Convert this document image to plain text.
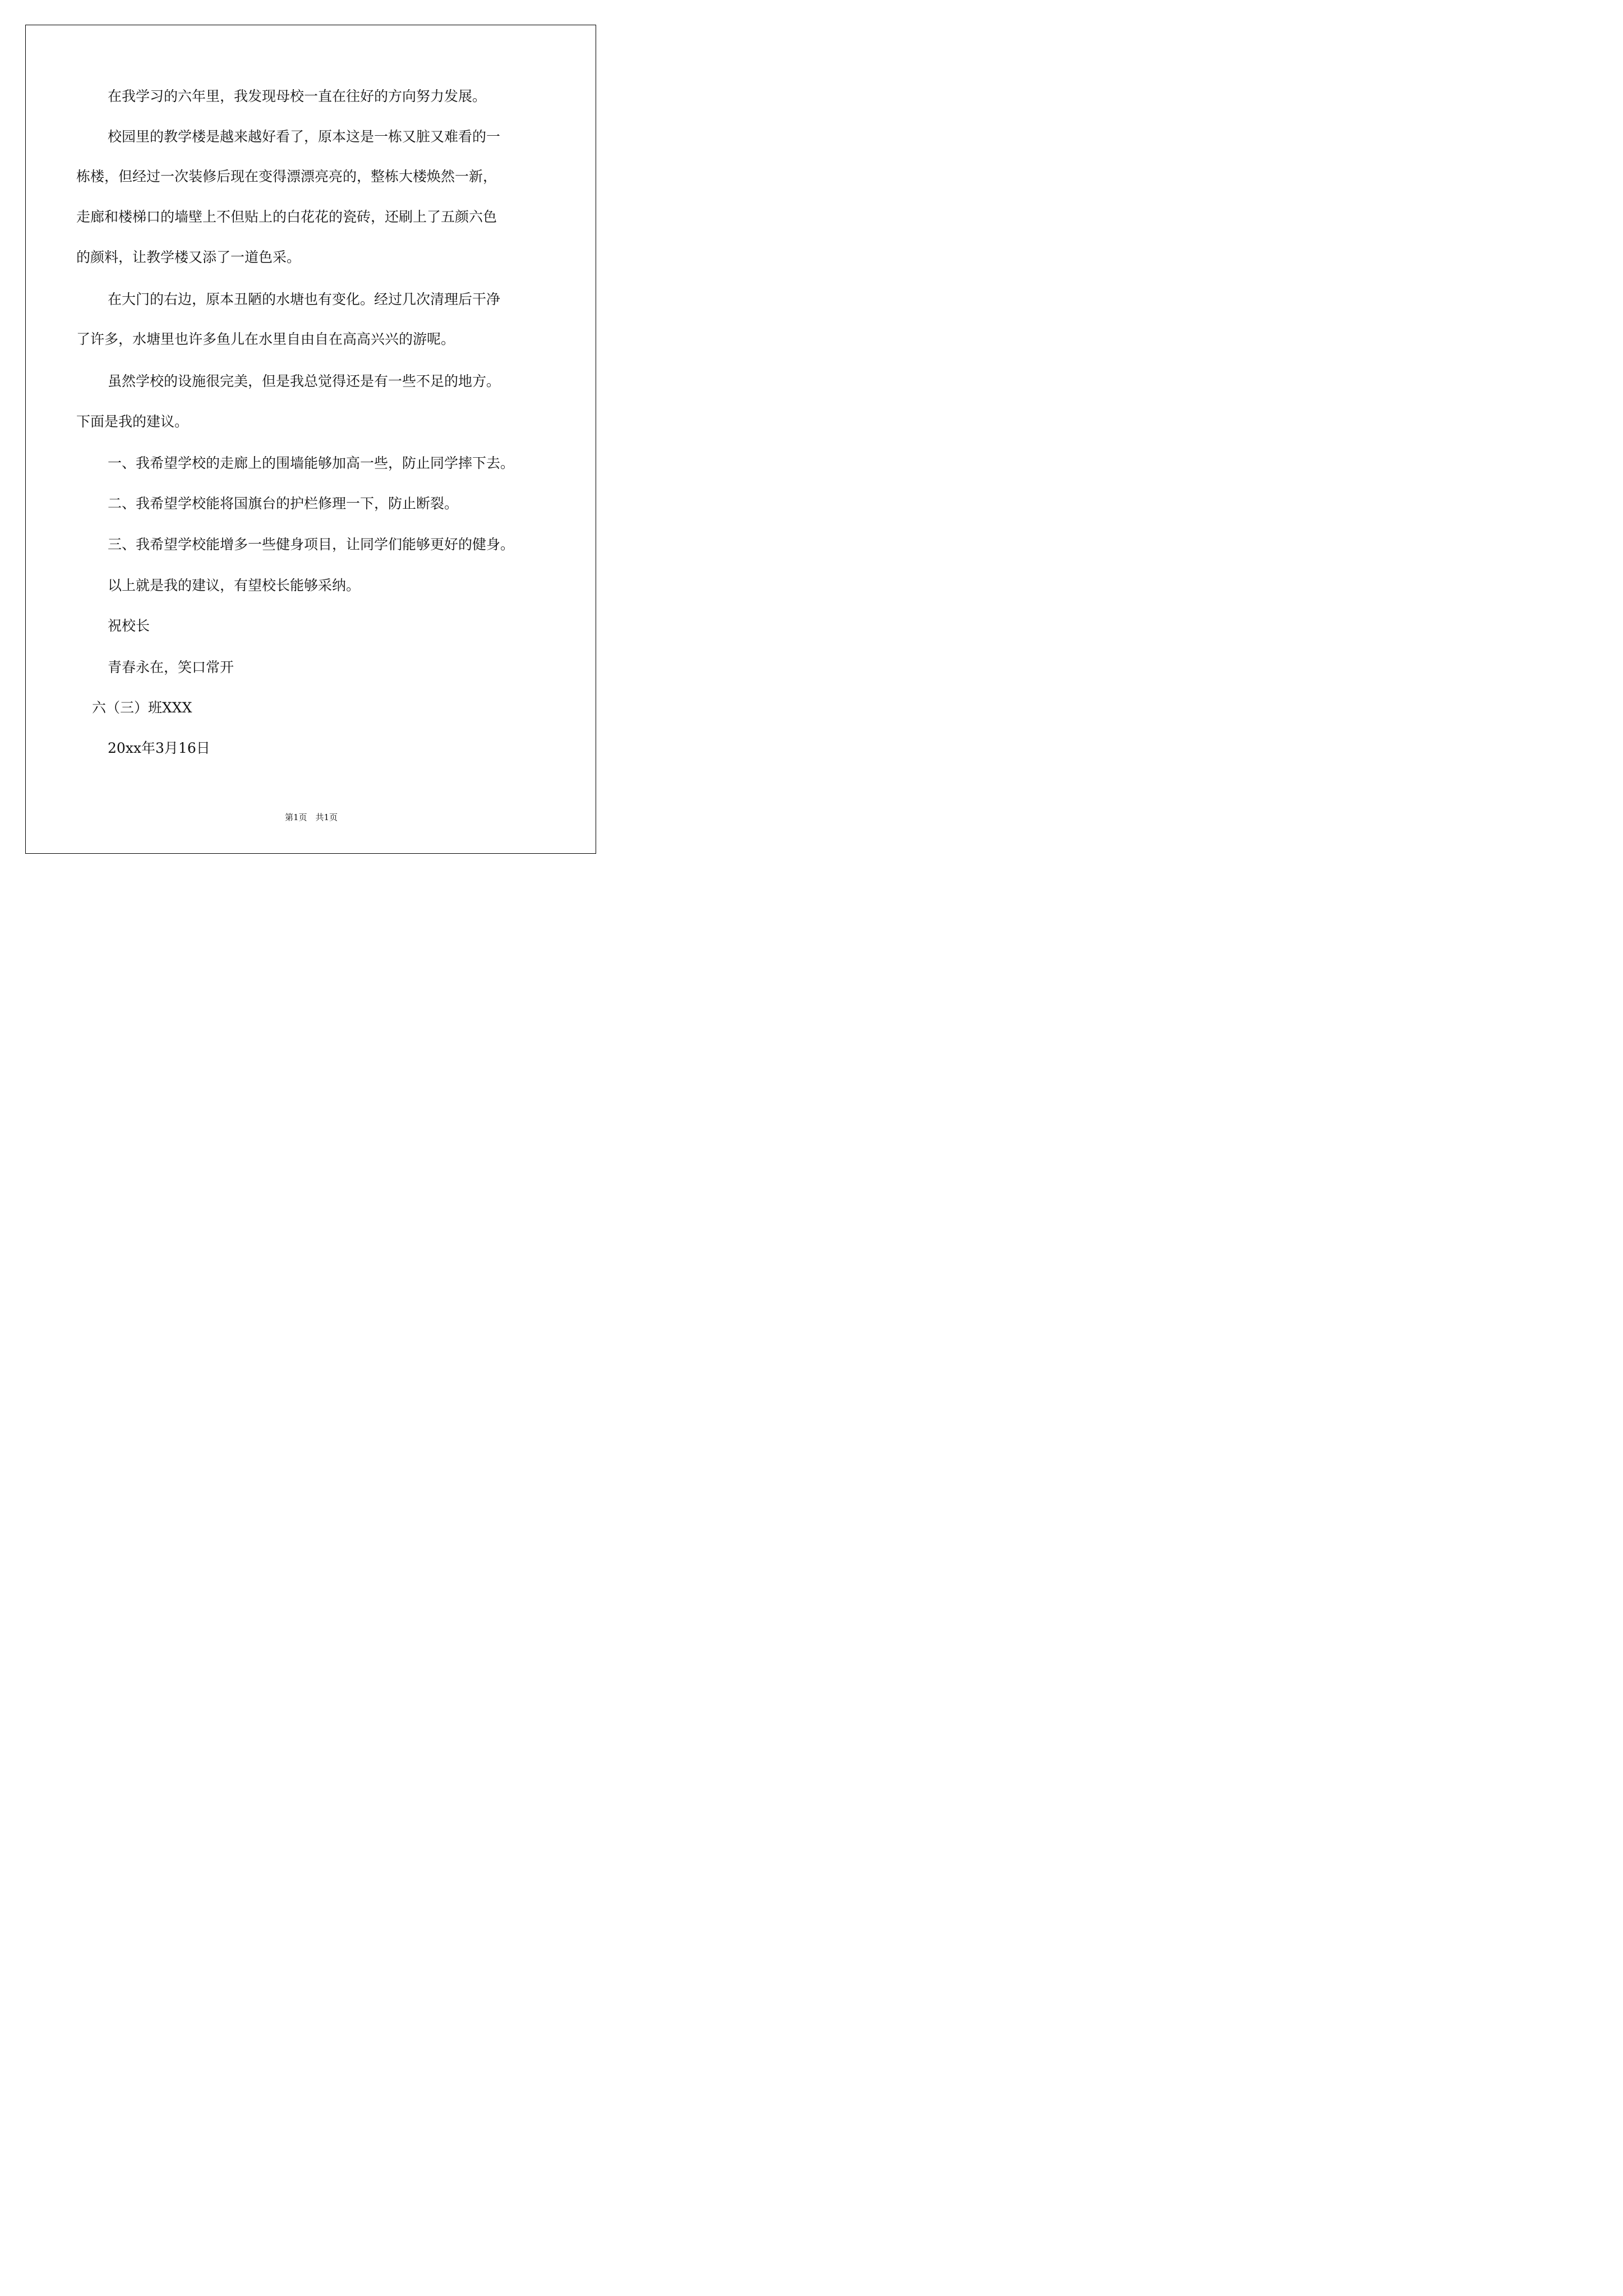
在我学习的六年里，我发现母校一直在往好的方向努力发展。
校园里的教学楼是越来越好看了，原本这是一栋又脏又难看的一
栋楼，但经过一次装修后现在变得漂漂亮亮的，整栋大楼焕然一新，
走廊和楼梯口的墙壁上不但贴上的白花花的瓷砖，还刷上了五颜六色
的颜料，让教学楼又添了一道色采。
在大门的右边，原本丑陋的水塘也有变化。经过几次清理后干净
了许多，水塘里也许多鱼儿在水里自由自在高高兴兴的游呢。
虽然学校的设施很完美，但是我总觉得还是有一些不足的地方。
下面是我的建议。
一、我希望学校的走廊上的围墙能够加高一些，防止同学摔下去。
二、我希望学校能将国旗台的护栏修理一下，防止断裂。
三、我希望学校能增多一些健身项目，让同学们能够更好的健身。
以上就是我的建议，有望校长能够采纳。
祝校长
青春永在，笑口常开
六（三）班XXX
20xx年3月16日
第1页　共1页
